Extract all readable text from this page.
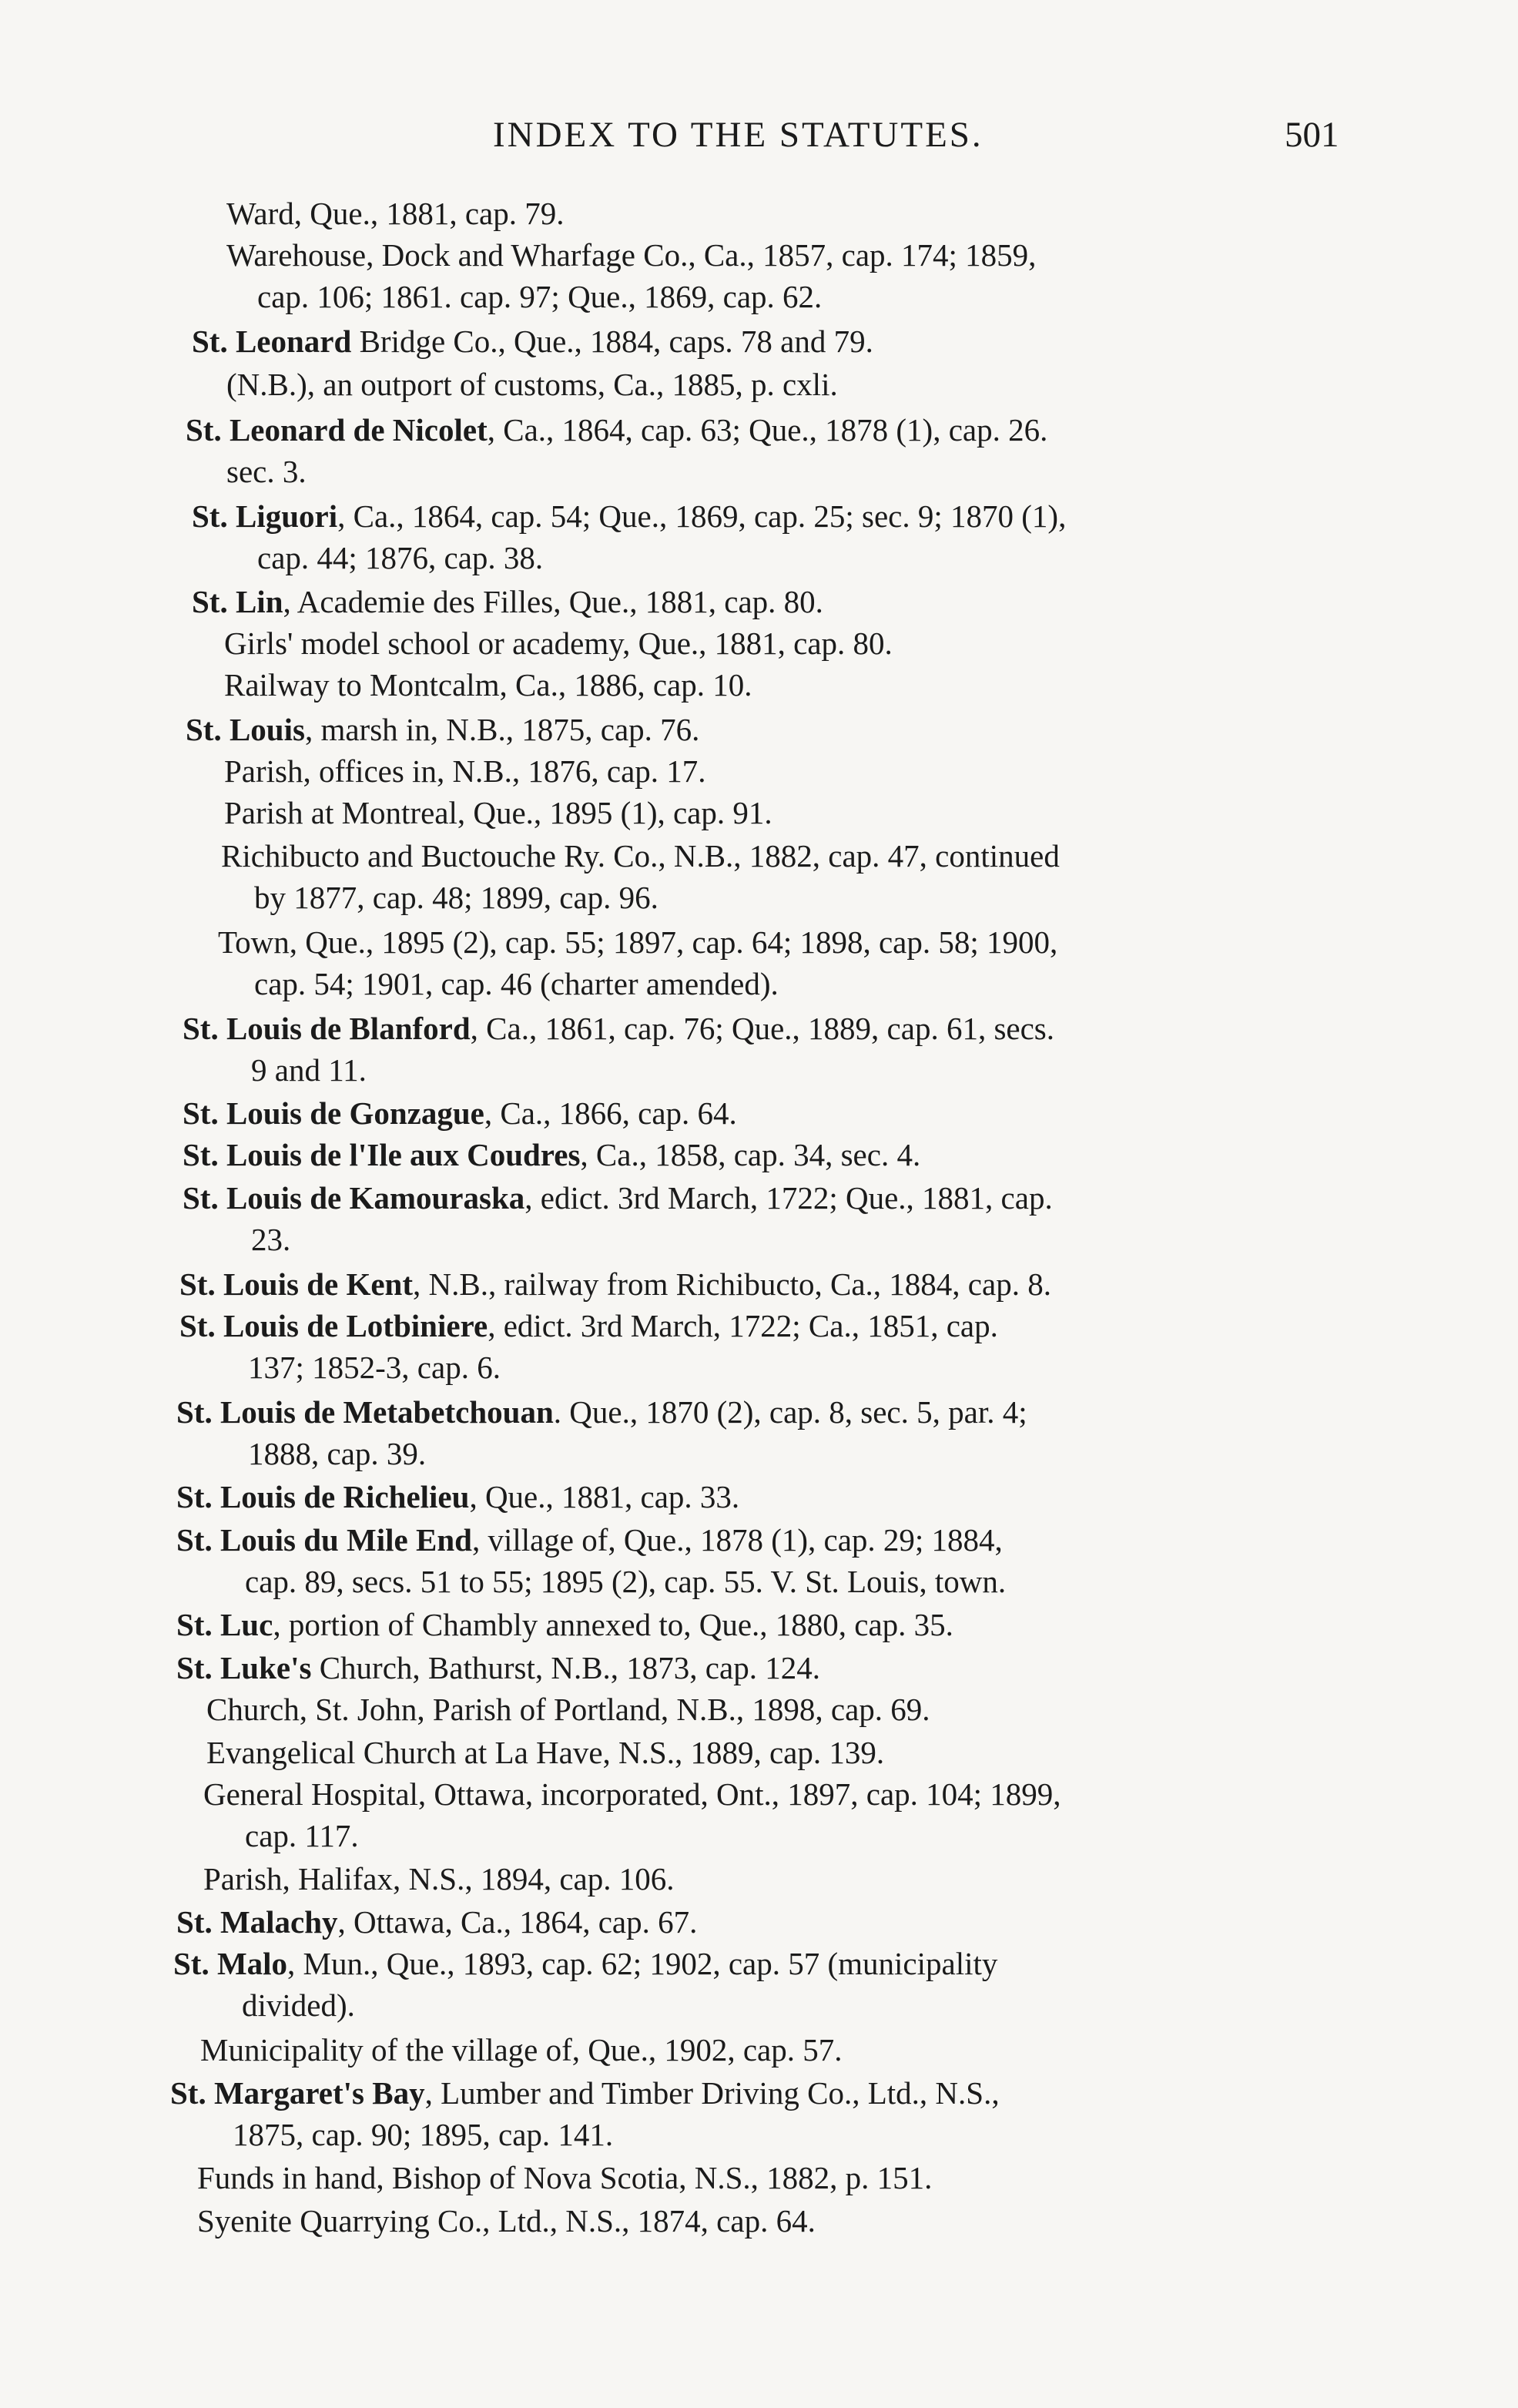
INDEX TO THE STATUTES.	501
Ward, Que., 1881, cap. 79.
Warehouse, Dock and Wharfage Co., Ca., 1857, cap. 174; 1859,
cap. 106; 1861. cap. 97; Que., 1869, cap. 62.
St. Leonard Bridge Co., Que., 1884, caps. 78 and 79.
(N.B.), an outport of customs, Ca., 1885, p. cxli.
St. Leonard de Nicolet, Ca., 1864, cap. 63; Que., 1878 (1), cap. 26.
sec. 3.
St. Liguori, Ca., 1864, cap. 54; Que., 1869, cap. 25; sec. 9; 1870 (1),
cap. 44; 1876, cap. 38.
St. Lin, Academie des Filles, Que., 1881, cap. 80.
Girls' model school or academy, Que., 1881, cap. 80.
Railway to Montcalm, Ca., 1886, cap. 10.
St. Louis, marsh in, N.B., 1875, cap. 76.
Parish, offices in, N.B., 1876, cap. 17.
Parish at Montreal, Que., 1895 (1), cap. 91.
Richibucto and Buctouche Ry. Co., N.B., 1882, cap. 47, continued
by 1877, cap. 48; 1899, cap. 96.
Town, Que., 1895 (2), cap. 55; 1897, cap. 64; 1898, cap. 58; 1900,
cap. 54; 1901, cap. 46 (charter amended).
St. Louis de Blanford, Ca., 1861, cap. 76; Que., 1889, cap. 61, secs.
9 and 11.
St. Louis de Gonzague, Ca., 1866, cap. 64.
St. Louis de l'Ile aux Coudres, Ca., 1858, cap. 34, sec. 4.
St. Louis de Kamouraska, edict. 3rd March, 1722; Que., 1881, cap.
23.
St. Louis de Kent, N.B., railway from Richibucto, Ca., 1884, cap. 8.
St. Louis de Lotbiniere, edict. 3rd March, 1722; Ca., 1851, cap.
137; 1852-3, cap. 6.
St. Louis de Metabetchouan. Que., 1870 (2), cap. 8, sec. 5, par. 4;
1888, cap. 39.
St. Louis de Richelieu, Que., 1881, cap. 33.
St. Louis du Mile End, village of, Que., 1878 (1), cap. 29; 1884,
cap. 89, secs. 51 to 55; 1895 (2), cap. 55. V. St. Louis, town.
St. Luc, portion of Chambly annexed to, Que., 1880, cap. 35.
St. Luke's Church, Bathurst, N.B., 1873, cap. 124.
Church, St. John, Parish of Portland, N.B., 1898, cap. 69.
Evangelical Church at La Have, N.S., 1889, cap. 139.
General Hospital, Ottawa, incorporated, Ont., 1897, cap. 104; 1899,
cap. 117.
Parish, Halifax, N.S., 1894, cap. 106.
St. Malachy, Ottawa, Ca., 1864, cap. 67.
St. Malo, Mun., Que., 1893, cap. 62; 1902, cap. 57 (municipality
divided).
Municipality of the village of, Que., 1902, cap. 57.
St. Margaret's Bay, Lumber and Timber Driving Co., Ltd., N.S.,
1875, cap. 90; 1895, cap. 141.
Funds in hand, Bishop of Nova Scotia, N.S., 1882, p. 151.
Syenite Quarrying Co., Ltd., N.S., 1874, cap. 64.
